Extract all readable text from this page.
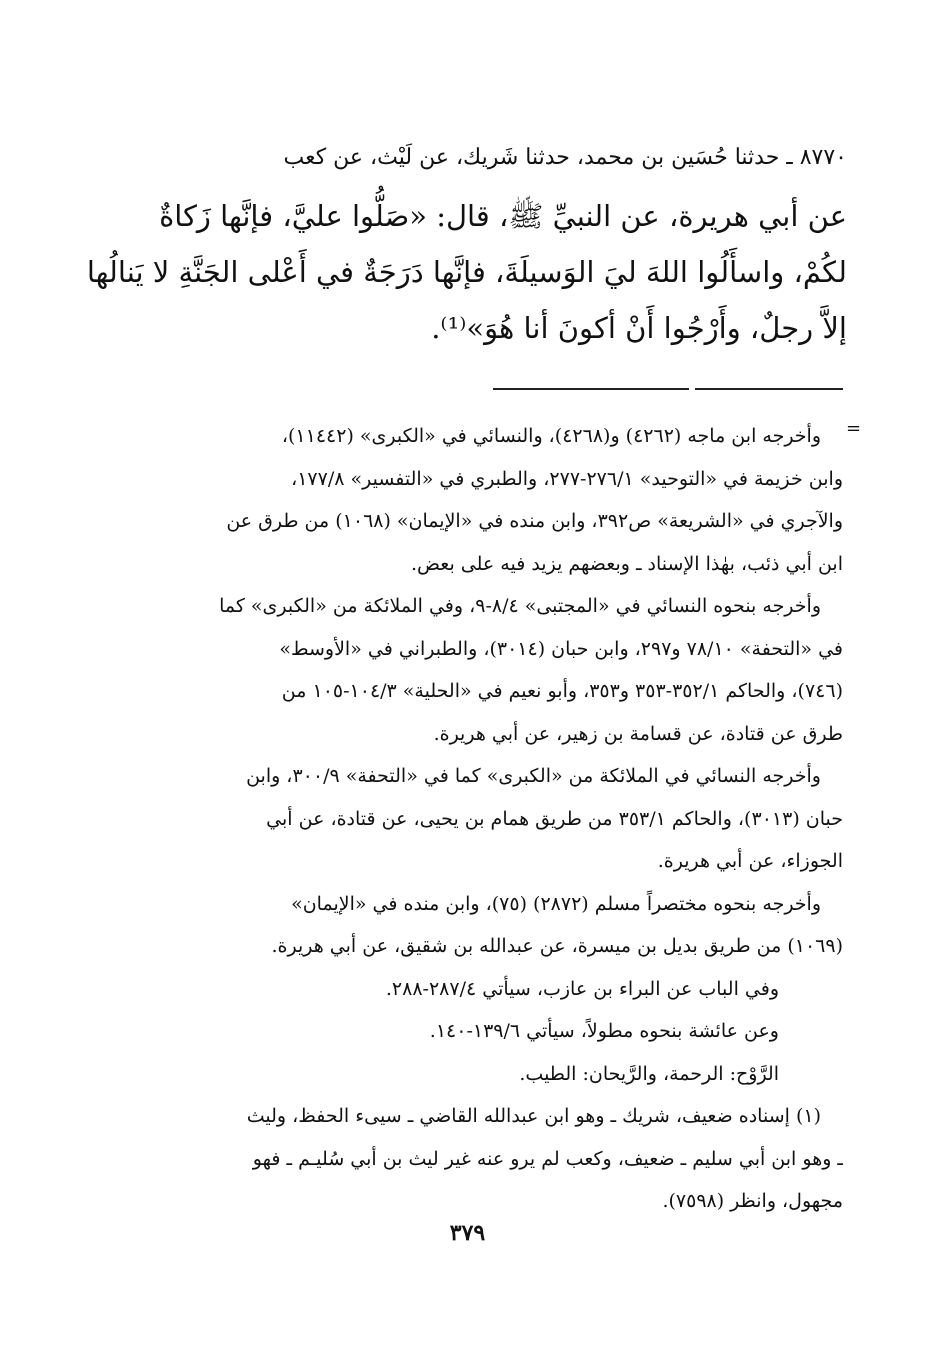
٨٧٧٠ ـ حدثنا حُسَين بن محمد، حدثنا شَريك، عن لَيْث، عن كعب
عن أبي هريرة، عن النبيِّ ﷺ، قال: «صَلُّوا عليَّ، فإنَّها زَكاةٌ
لكُمْ، واسأَلُوا اللهَ ليَ الوَسيلَةَ، فإنَّها دَرَجَةٌ في أَعْلى الجَنَّةِ لا يَنالُها
إلاَّ رجلٌ، وأَرْجُوا أَنْ أكونَ أنا هُوَ»⁽¹⁾.
=
وأخرجه ابن ماجه (٤٢٦٢) و(٤٢٦٨)، والنسائي في «الكبرى» (١١٤٤٢)،
وابن خزيمة في «التوحيد» ٢٧٦/١-٢٧٧، والطبري في «التفسير» ١٧٧/٨،
والآجري في «الشريعة» ص٣٩٢، وابن منده في «الإيمان» (١٠٦٨) من طرق عن
ابن أبي ذئب، بهٰذا الإسناد ـ وبعضهم يزيد فيه على بعض.
وأخرجه بنحوه النسائي في «المجتبى» ٨/٤-٩، وفي الملائكة من «الكبرى» كما
في «التحفة» ٧٨/١٠ و٢٩٧، وابن حبان (٣٠١٤)، والطبراني في «الأوسط»
(٧٤٦)، والحاكم ٣٥٢/١-٣٥٣ و٣٥٣، وأبو نعيم في «الحلية» ١٠٤/٣-١٠٥ من
طرق عن قتادة، عن قسامة بن زهير، عن أبي هريرة.
وأخرجه النسائي في الملائكة من «الكبرى» كما في «التحفة» ٣٠٠/٩، وابن
حبان (٣٠١٣)، والحاكم ٣٥٣/١ من طريق همام بن يحيى، عن قتادة، عن أبي
الجوزاء، عن أبي هريرة.
وأخرجه بنحوه مختصراً مسلم (٢٨٧٢) (٧٥)، وابن منده في «الإيمان»
(١٠٦٩) من طريق بديل بن ميسرة، عن عبدالله بن شقيق، عن أبي هريرة.
وفي الباب عن البراء بن عازب، سيأتي ٢٨٧/٤-٢٨٨.
وعن عائشة بنحوه مطولاً، سيأتي ١٣٩/٦-١٤٠.
الرَّوْح: الرحمة، والرَّيحان: الطيب.
(١) إسناده ضعيف، شريك ـ وهو ابن عبدالله القاضي ـ سيىء الحفظ، وليث
ـ وهو ابن أبي سليم ـ ضعيف، وكعب لم يرو عنه غير ليث بن أبي سُليـم ـ فهو
مجهول، وانظر (٧٥٩٨).
٣٧٩
